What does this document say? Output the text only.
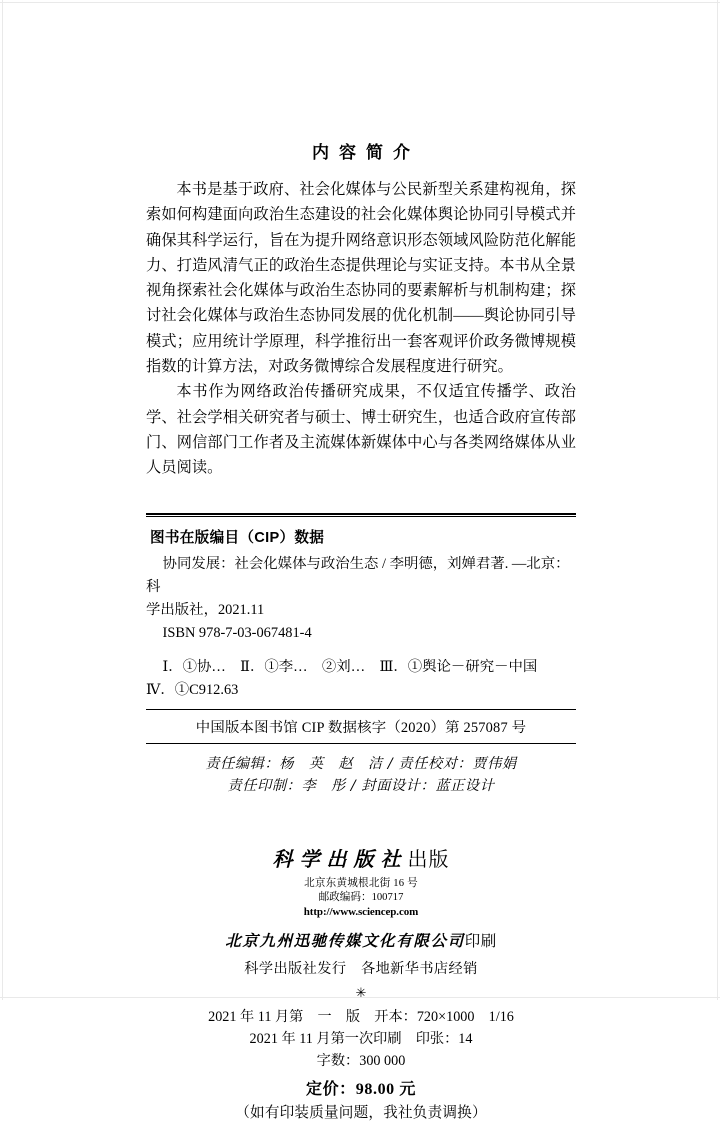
内容简介

本书是基于政府、社会化媒体与公民新型关系建构视角，探索如何构建面向政治生态建设的社会化媒体舆论协同引导模式并确保其科学运行，旨在为提升网络意识形态领域风险防范化解能力、打造风清气正的政治生态提供理论与实证支持。本书从全景视角探索社会化媒体与政治生态协同的要素解析与机制构建；探讨社会化媒体与政治生态协同发展的优化机制——舆论协同引导模式；应用统计学原理，科学推衍出一套客观评价政务微博规模指数的计算方法，对政务微博综合发展程度进行研究。

本书作为网络政治传播研究成果，不仅适宜传播学、政治学、社会学相关研究者与硕士、博士研究生，也适合政府宣传部门、网信部门工作者及主流媒体新媒体中心与各类网络媒体从业人员阅读。

图书在版编目（CIP）数据

协同发展：社会化媒体与政治生态 / 李明德，刘婵君著. —北京：科

学出版社，2021.11

ISBN 978-7-03-067481-4

Ⅰ．①协…　Ⅱ．①李…　②刘…　Ⅲ．①舆论－研究－中国

Ⅳ．①C912.63

中国版本图书馆 CIP 数据核字（2020）第 257087 号

责任编辑：杨　英　赵　洁 / 责任校对：贾伟娟
责任印制：李　彤 / 封面设计：蓝正设计
科学出版社出版
北京东黄城根北街 16 号
邮政编码：100717
http://www.sciencep.com
北京九州迅驰传媒文化有限公司印刷
科学出版社发行　各地新华书店经销
✳
2021 年 11 月第　一　版　开本：720×1000　1/16
2021 年 11 月第一次印刷　印张：14
字数：300 000
定价：98.00 元
（如有印装质量问题，我社负责调换）
